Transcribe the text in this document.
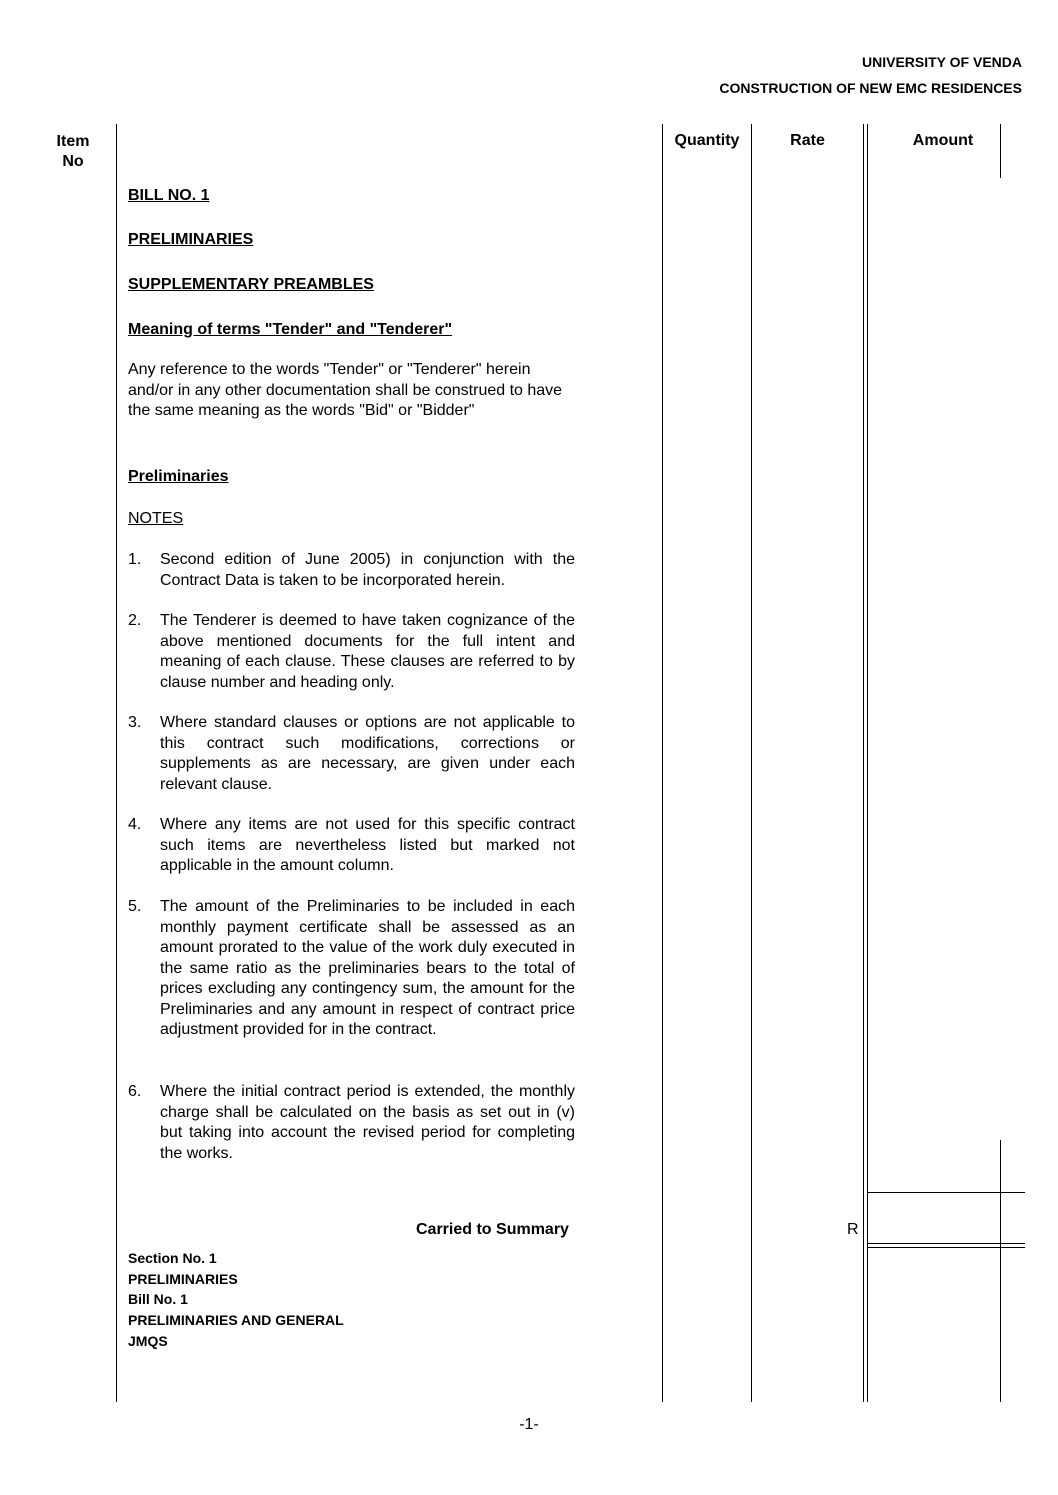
UNIVERSITY OF VENDA
CONSTRUCTION OF NEW EMC RESIDENCES
Item
No
Quantity	Rate	Amount
BILL NO. 1
PRELIMINARIES
SUPPLEMENTARY PREAMBLES
Meaning of terms "Tender" and "Tenderer"
Any reference to the words "Tender" or "Tenderer" herein and/or in any other documentation shall be construed to have the same meaning as the words "Bid" or "Bidder"
Preliminaries
NOTES
1. Second edition of June 2005) in conjunction with the Contract Data is taken to be incorporated herein.
2. The Tenderer is deemed to have taken cognizance of the above mentioned documents for the full intent and meaning of each clause. These clauses are referred to by clause number and heading only.
3. Where standard clauses or options are not applicable to this contract such modifications, corrections or supplements as are necessary, are given under each relevant clause.
4. Where any items are not used for this specific contract such items are nevertheless listed but marked not applicable in the amount column.
5. The amount of the Preliminaries to be included in each monthly payment certificate shall be assessed as an amount prorated to the value of the work duly executed in the same ratio as the preliminaries bears to the total of prices excluding any contingency sum, the amount for the Preliminaries and any amount in respect of contract price adjustment provided for in the contract.
6. Where the initial contract period is extended, the monthly charge shall be calculated on the basis as set out in (v) but taking into account the revised period for completing the works.
Carried to Summary	R
Section No. 1
PRELIMINARIES
Bill No. 1
PRELIMINARIES AND GENERAL
JMQS
-1-
